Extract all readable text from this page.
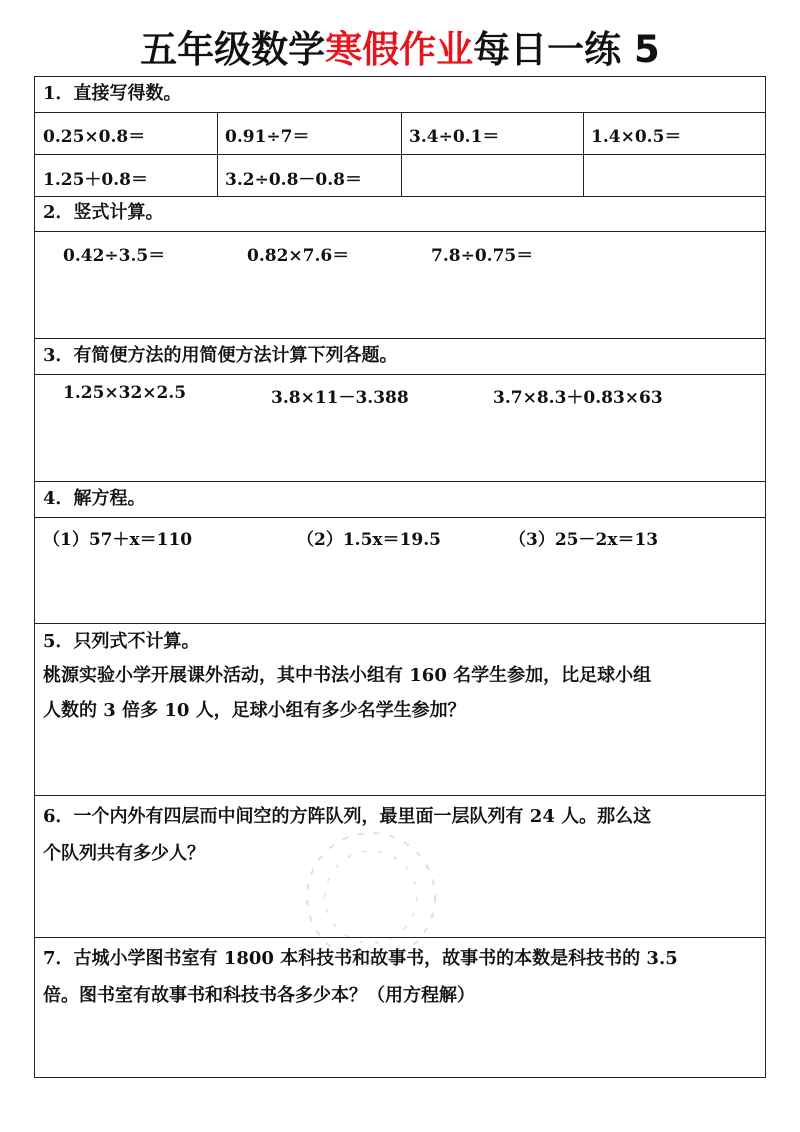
五年级数学寒假作业每日一练 5
1．直接写得数。
0.25×0.8＝	0.91÷7＝	3.4÷0.1＝	1.4×0.5＝
1.25＋0.8＝	3.2÷0.8－0.8＝
2．竖式计算。
0.42÷3.5＝	0.82×7.6＝	7.8÷0.75＝
3．有简便方法的用简便方法计算下列各题。
1.25×32×2.5	3.8×11－3.388	3.7×8.3＋0.83×63
4．解方程。
（1）57＋x＝110	（2）1.5x＝19.5	（3）25－2x＝13
5．只列式不计算。
桃源实验小学开展课外活动，其中书法小组有 160 名学生参加，比足球小组
人数的 3 倍多 10 人，足球小组有多少名学生参加？
6．一个内外有四层而中间空的方阵队列，最里面一层队列有 24 人。那么这
个队列共有多少人？
7．古城小学图书室有 1800 本科技书和故事书，故事书的本数是科技书的 3.5
倍。图书室有故事书和科技书各多少本？（用方程解）
